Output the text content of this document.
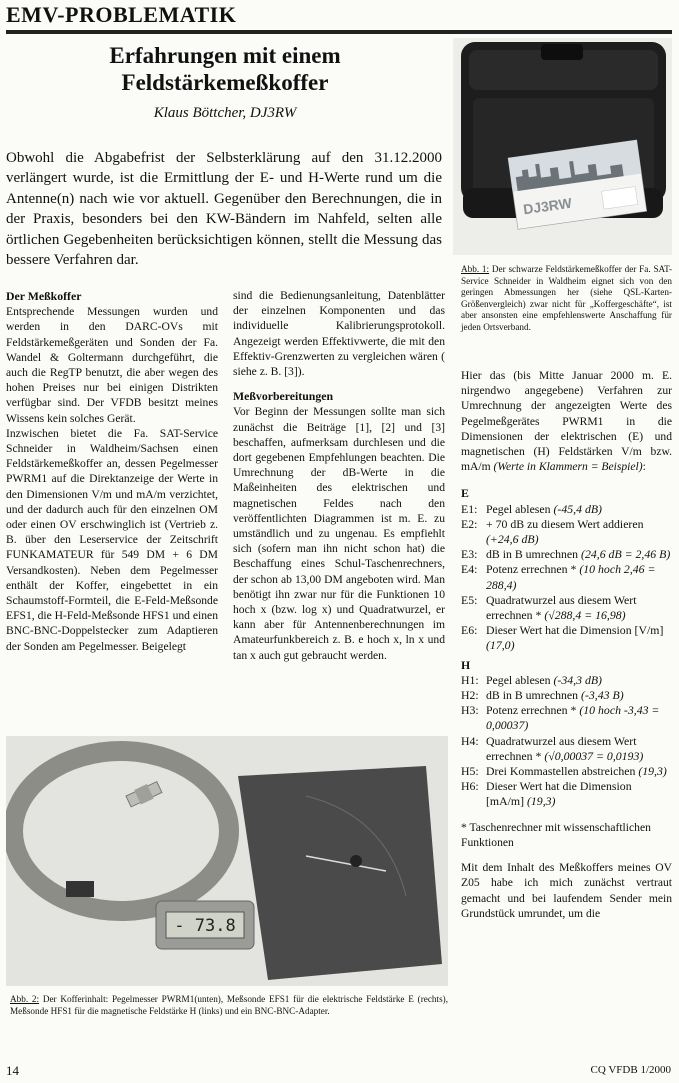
EMV-PROBLEMATIK
Erfahrungen mit einem
Feldstärkemeßkoffer
Klaus Böttcher, DJ3RW
Obwohl die Abgabefrist der Selbsterklärung auf den 31.12.2000 verlängert wurde, ist die Ermittlung der E- und H-Werte rund um die Antenne(n) nach wie vor aktuell. Gegenüber den Berechnungen, die in der Praxis, besonders bei den KW-Bändern im Nahfeld, selten alle örtlichen Gegebenheiten berücksichtigen können, stellt die Messung das bessere Verfahren dar.
DJ3RW
Abb. 1: Der schwarze Feldstärkemeßkoffer der Fa. SAT-Service Schneider in Waldheim eignet sich von den geringen Abmessungen her (siehe QSL-Karten-Größenvergleich) zwar nicht für „Koffergeschäfte“, ist aber ansonsten eine empfehlenswerte Anschaffung für jeden Ortsverband.
Der Meßkoffer

Entsprechende Messungen wurden und werden in den DARC-OVs mit Feldstärkemeßgeräten und Sonden der Fa. Wandel & Goltermann durchgeführt, die auch die RegTP benutzt, die aber wegen des hohen Preises nur bei einigen Distrikten verfügbar sind. Der VFDB besitzt meines Wissens kein solches Gerät.

Inzwischen bietet die Fa. SAT-Service Schneider in Waldheim/Sachsen einen Feldstärkemeßkoffer an, dessen Pegelmesser PWRM1 auf die Direktanzeige der Werte in den Dimensionen V/m und mA/m verzichtet, und der dadurch auch für den einzelnen OM oder einen OV erschwinglich ist (Vertrieb z. B. über den Leserservice der Zeitschrift FUNKAMATEUR für 549 DM + 6 DM Versandkosten). Neben dem Pegelmesser enthält der Koffer, eingebettet in ein Schaumstoff-Formteil, die E-Feld-Meßsonde EFS1, die H-Feld-Meßsonde HFS1 und einen BNC-BNC-Doppelstecker zum Adaptieren der Sonden am Pegelmesser. Beigelegt

sind die Bedienungsanleitung, Datenblätter der einzelnen Komponenten und das individuelle Kalibrierungsprotokoll. Angezeigt werden Effektivwerte, die mit den Effektiv-Grenzwerten zu vergleichen wären ( siehe z. B. [3]).

Meßvorbereitungen

Vor Beginn der Messungen sollte man sich zunächst die Beiträge [1], [2] und [3] beschaffen, aufmerksam durchlesen und die dort gegebenen Empfehlungen beachten. Die Umrechnung der dB-Werte in die Maßeinheiten des elektrischen und magnetischen Feldes nach den veröffentlichten Diagrammen ist m. E. zu umständlich und zu ungenau. Es empfiehlt sich (sofern man ihn nicht schon hat) die Beschaffung eines Schul-Taschenrechners, der schon ab 13,00 DM angeboten wird. Man benötigt ihn zwar nur für die Funktionen 10 hoch x (bzw. log x) und Quadratwurzel, er kann aber für Antennenberechnungen im Amateurfunkbereich z. B. e hoch x, ln x und tan x auch gut gebraucht werden.

Hier das (bis Mitte Januar 2000 m. E. nirgendwo angegebene) Verfahren zur Umrechnung der angezeigten Werte des Pegelmeßgerätes PWRM1 in die Dimensionen der elektrischen (E) und magnetischen (H) Feldstärken V/m bzw. mA/m (Werte in Klammern = Beispiel):
E
E1: Pegel ablesen (-45,4 dB)
E2: + 70 dB zu diesem Wert addieren (+24,6 dB)
E3: dB in B umrechnen (24,6 dB = 2,46 B)
E4: Potenz errechnen * (10 hoch 2,46 = 288,4)
E5: Quadratwurzel aus diesem Wert errechnen * (√288,4 = 16,98)
E6: Dieser Wert hat die Dimension [V/m] (17,0)
H
H1: Pegel ablesen (-34,3 dB)
H2: dB in B umrechnen (-3,43 B)
H3: Potenz errechnen * (10 hoch -3,43 = 0,00037)
H4: Quadratwurzel aus diesem Wert errechnen * (√0,00037 = 0,0193)
H5: Drei Kommastellen abstreichen (19,3)
H6: Dieser Wert hat die Dimension [mA/m] (19,3)
* Taschenrechner mit wissenschaftlichen Funktionen
Mit dem Inhalt des Meßkoffers meines OV Z05 habe ich mich zunächst vertraut gemacht und bei laufendem Sender mein Grundstück umrundet, um die
- 73.8
Abb. 2: Der Kofferinhalt: Pegelmesser PWRM1(unten), Meßsonde EFS1 für die elektrische Feldstärke E (rechts), Meßsonde HFS1 für die magnetische Feldstärke H (links) und ein BNC-BNC-Adapter.
14	CQ VFDB 1/2000
